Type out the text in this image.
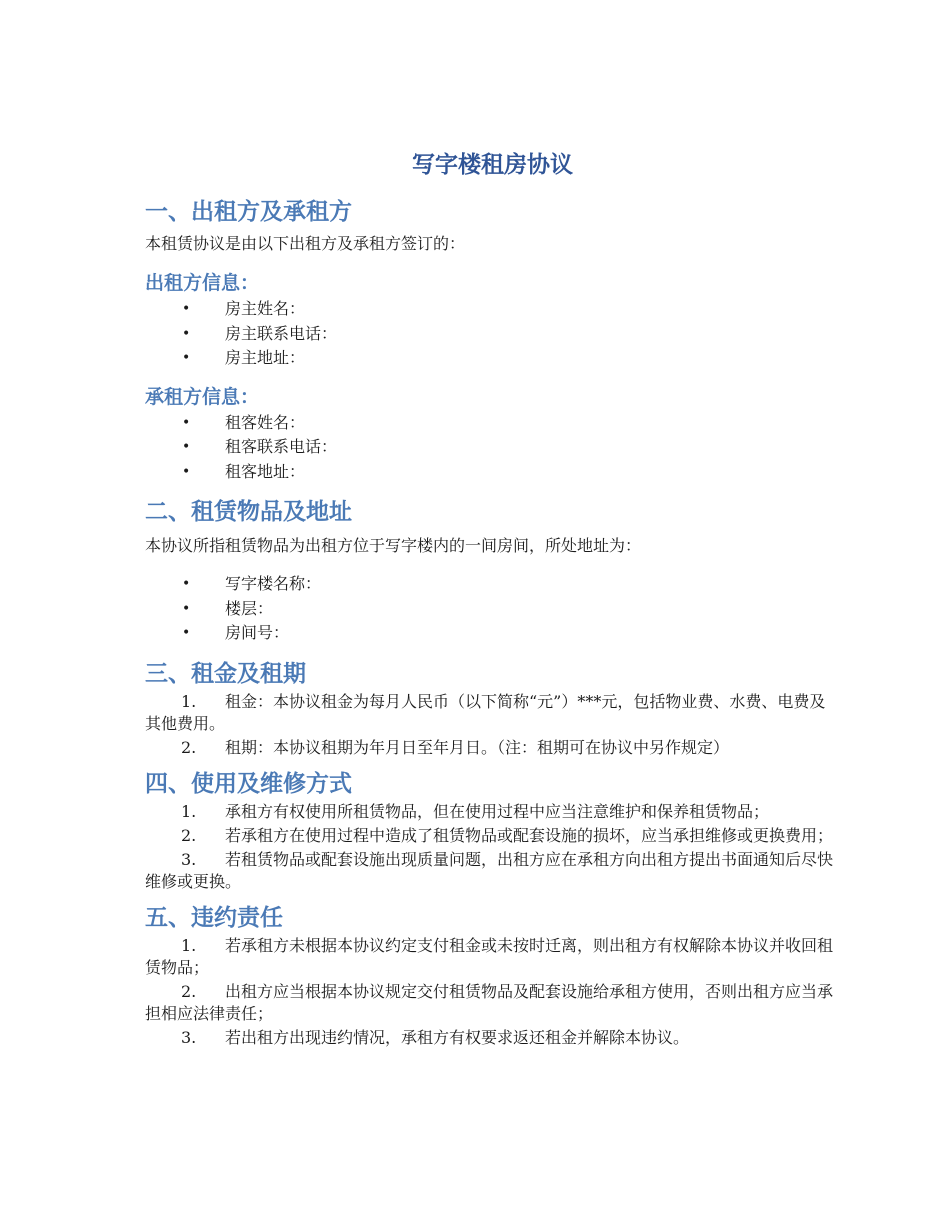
写字楼租房协议
一、出租方及承租方

本租赁协议是由以下出租方及承租方签订的：

出租方信息：
• 房主姓名：
• 房主联系电话：
• 房主地址：
承租方信息：
• 租客姓名：
• 租客联系电话：
• 租客地址：
二、租赁物品及地址

本协议所指租赁物品为出租方位于写字楼内的一间房间，所处地址为：

• 写字楼名称：
• 楼层：
• 房间号：
三、租金及租期
1. 租金：本协议租金为每月人民币（以下简称“元”）***元，包括物业费、水费、电费及其他费用。
2. 租期：本协议租期为年月日至年月日。（注：租期可在协议中另作规定）
四、使用及维修方式
1. 承租方有权使用所租赁物品，但在使用过程中应当注意维护和保养租赁物品；
2. 若承租方在使用过程中造成了租赁物品或配套设施的损坏，应当承担维修或更换费用；
3. 若租赁物品或配套设施出现质量问题，出租方应在承租方向出租方提出书面通知后尽快维修或更换。
五、违约责任
1. 若承租方未根据本协议约定支付租金或未按时迁离，则出租方有权解除本协议并收回租赁物品；
2. 出租方应当根据本协议规定交付租赁物品及配套设施给承租方使用，否则出租方应当承担相应法律责任；
3. 若出租方出现违约情况，承租方有权要求返还租金并解除本协议。
